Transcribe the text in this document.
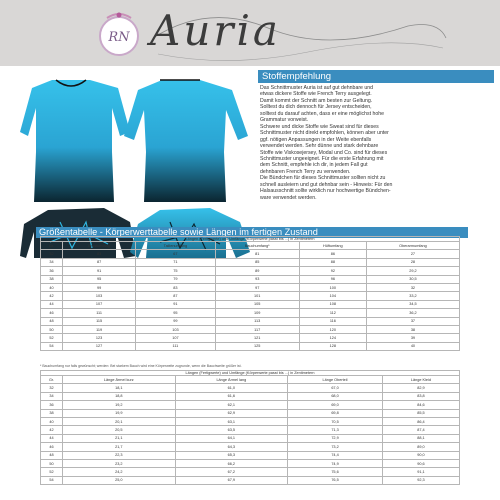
RN Auria
Stoffempfehlung

Das Schnittmuster Auria ist auf gut dehnbare und

etwas dickere Stoffe wie French Terry ausgelegt.

Damit kommt der Schnitt am besten zur Geltung.

Solltest du dich dennoch für Jersey entscheiden,

solltest du darauf achten, dass er eine möglichst hohe

Grammatur vorweist.

Schwere und dicke Stoffe wie Sweat sind für dieses

Schnittmuster nicht direkt empfohlen, können aber unter

ggf. nötigen Anpassungen in der Weite ebenfalls

verwendet werden. Sehr dünne und stark dehnbare

Stoffe wie Viskosejersey, Modal und Co. sind für dieses

Schnittmuster ungeeignet. Für die erste Erfahrung mit

dem Schnitt, empfehle ich dir, in jedem Fall gut

dehnbaren French Terry zu verwenden.

Die Bündchen für dieses Schnittmuster sollten nicht zu

schnell ausleiern und gut dehnbar sein - Hinweis: Für den

Halsausschnitt sollte wirklich nur hochwertige Bündchen-

ware verwendet werden.

Größentabelle - Körperwerttabelle sowie Längen im fertigen Zustand
Längen (Fertigwerte) und Umfänge (Körperwerte passt bis ...) in Zentimetern					
Gr.	Brustumfang	Taillenumfang	Bauchumfang*	Hüftumfang	Oberarmumfang
32	83	67	81	86	27
34	87	71	85	88	28
36	91	75	89	92	29,2
38	95	79	93	96	30,5
40	99	83	97	100	32
42	103	87	101	104	33,2
44	107	91	105	108	34,5
46	111	95	109	112	36,2
48	115	99	113	116	37
50	119	103	117	120	38
52	123	107	121	124	39
54	127	111	125	128	40
* Bauchumfang nur falls gewünscht; werden: Bei starkem Bauch wird eine Körperweite zugrunde, wenn die Bauchweite größer ist.
Längen (Fertigwerte) und Umfänge (Körperwerte passt bis ...) in Zentimetern				
Gr.	Länge Ärmel kurz	Länge Ärmel lang	Länge Oberteil	Länge Kleid
32	18,1	61,0	67,0	82,9
34	18,8	61,6	68,0	83,8
36	19,2	62,1	69,0	84,6
38	19,9	62,9	69,8	85,5
40	20,1	63,1	70,5	86,4
42	20,5	63,5	71,3	87,4
44	21,1	64,1	72,9	88,1
46	21,7	64,3	73,2	89,0
48	22,3	65,3	74,4	90,0
50	23,2	66,2	74,9	90,6
52	24,2	67,2	75,6	91,1
54	25,0	67,9	76,5	92,3
